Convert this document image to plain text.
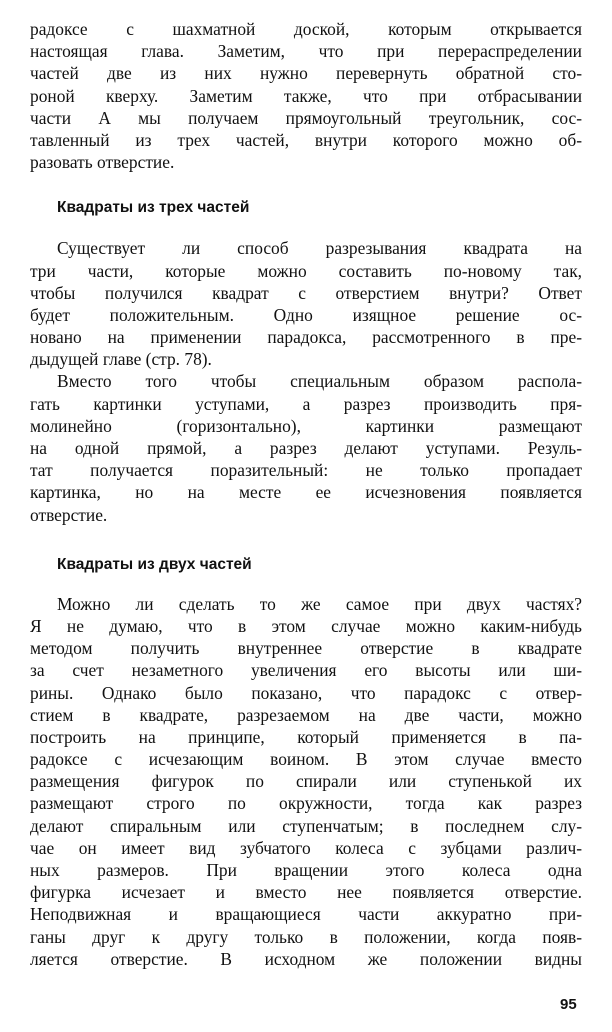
радоксе с шахматной доской, которым открывается
настоящая глава. Заметим, что при перераспределении
частей две из них нужно перевернуть обратной сто-
роной кверху. Заметим также, что при отбрасывании
части А мы получаем прямоугольный треугольник, сос-
тавленный из трех частей, внутри которого можно об-
разовать отверстие.
Квадраты из трех частей
Существует ли способ разрезывания квадрата на
три части, которые можно составить по-новому так,
чтобы получился квадрат с отверстием внутри? Ответ
будет положительным. Одно изящное решение ос-
новано на применении парадокса, рассмотренного в пре-
дыдущей главе (стр. 78).
Вместо того чтобы специальным образом распола-
гать картинки уступами, а разрез производить пря-
молинейно (горизонтально), картинки размещают
на одной прямой, а разрез делают уступами. Резуль-
тат получается поразительный: не только пропадает
картинка, но на месте ее исчезновения появляется
отверстие.
Квадраты из двух частей
Можно ли сделать то же самое при двух частях?
Я не думаю, что в этом случае можно каким-нибудь
методом получить внутреннее отверстие в квадрате
за счет незаметного увеличения его высоты или ши-
рины. Однако было показано, что парадокс с отвер-
стием в квадрате, разрезаемом на две части, можно
построить на принципе, который применяется в па-
радоксе с исчезающим воином. В этом случае вместо
размещения фигурок по спирали или ступенькой их
размещают строго по окружности, тогда как разрез
делают спиральным или ступенчатым; в последнем слу-
чае он имеет вид зубчатого колеса с зубцами различ-
ных размеров. При вращении этого колеса одна
фигурка исчезает и вместо нее появляется отверстие.
Неподвижная и вращающиеся части аккуратно при-
ганы друг к другу только в положении, когда появ-
ляется отверстие. В исходном же положении видны
95
